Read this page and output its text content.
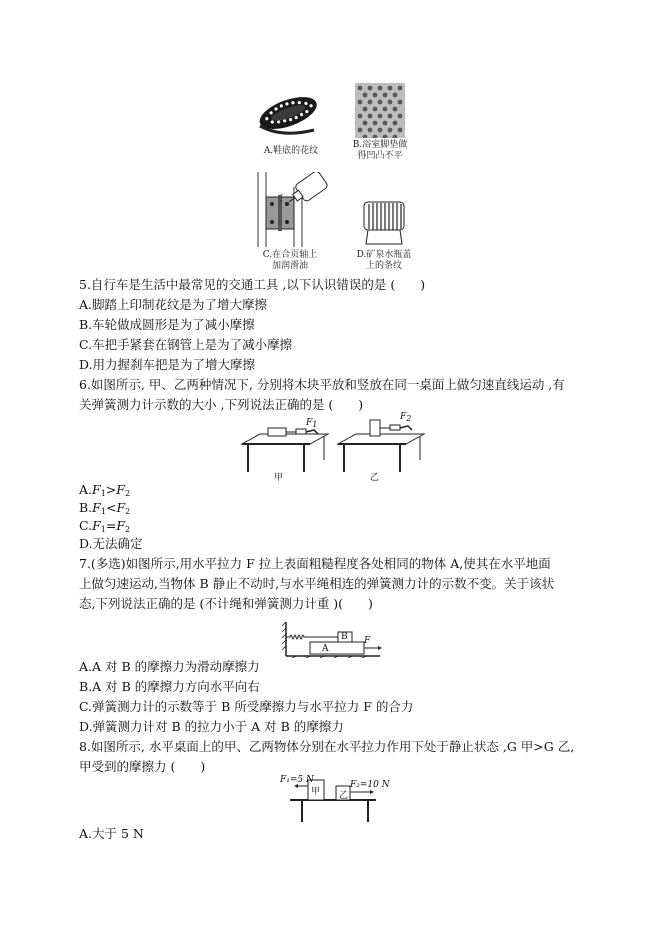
A.鞋底的花纹
B.浴室脚垫做
得凹凸不平
C.在合页轴上
加润滑油
D.矿泉水瓶盖
上的条纹
5.自行车是生活中最常见的交通工具 ,以下认识错误的是 (　　)
A.脚踏上印制花纹是为了增大摩擦
B.车轮做成圆形是为了减小摩擦
C.车把手紧套在钢管上是为了减小摩擦
D.用力握刹车把是为了增大摩擦
6.如图所示, 甲、乙两种情况下, 分别将木块平放和竖放在同一桌面上做匀速直线运动 ,有
关弹簧测力计示数的大小 ,下列说法正确的是 (　　)
$F_1$
$F_2$
甲	乙
$A.F_1>F_2$
$B.F_1<F_2$
$C.F_1=F_2$
D.无法确定
7.(多选)如图所示,用水平拉力 F 拉上表面粗糙程度各处相同的物体 A,使其在水平地面
上做匀速运动,当物体 B 静止不动时,与水平绳相连的弹簧测力计的示数不变。关于该状
态,下列说法正确的是 (不计绳和弹簧测力计重 )(　　)
B
A
F
A.A 对 B 的摩擦力为滑动摩擦力
B.A 对 B 的摩擦力方向水平向右
C.弹簧测力计的示数等于 B 所受摩擦力与水平拉力 F 的合力
D.弹簧测力计对 B 的拉力小于 A 对 B 的摩擦力
8.如图所示, 水平桌面上的甲、乙两物体分别在水平拉力作用下处于静止状态 ,G 甲>G 乙,
甲受到的摩擦力 (　　)
F₁=5 N
甲 乙
F₂=10 N
A.大于 5 N
